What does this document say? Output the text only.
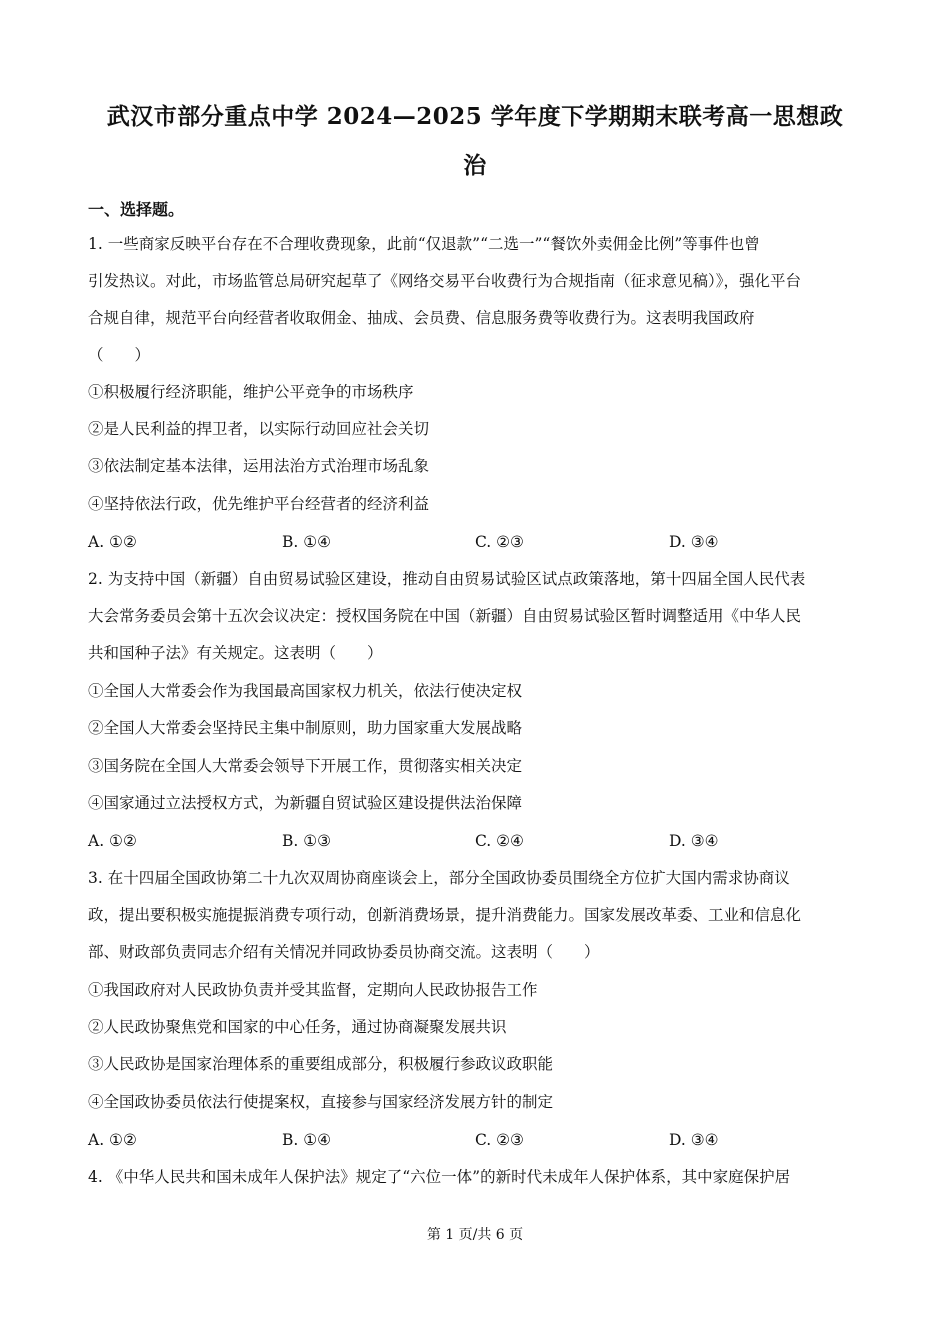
武汉市部分重点中学 2024—2025 学年度下学期期末联考高一思想政
治
一、选择题。
1. 一些商家反映平台存在不合理收费现象，此前“仅退款”“二选一”“餐饮外卖佣金比例”等事件也曾
引发热议。对此，市场监管总局研究起草了《网络交易平台收费行为合规指南（征求意见稿）》，强化平台
合规自律，规范平台向经营者收取佣金、抽成、会员费、信息服务费等收费行为。这表明我国政府
（　　）
①积极履行经济职能，维护公平竞争的市场秩序
②是人民利益的捍卫者，以实际行动回应社会关切
③依法制定基本法律，运用法治方式治理市场乱象
④坚持依法行政，优先维护平台经营者的经济利益
A. ①②	B. ①④	C. ②③	D. ③④
2. 为支持中国（新疆）自由贸易试验区建设，推动自由贸易试验区试点政策落地，第十四届全国人民代表
大会常务委员会第十五次会议决定：授权国务院在中国（新疆）自由贸易试验区暂时调整适用《中华人民
共和国种子法》有关规定。这表明（　　）
①全国人大常委会作为我国最高国家权力机关，依法行使决定权
②全国人大常委会坚持民主集中制原则，助力国家重大发展战略
③国务院在全国人大常委会领导下开展工作，贯彻落实相关决定
④国家通过立法授权方式，为新疆自贸试验区建设提供法治保障
A. ①②	B. ①③	C. ②④	D. ③④
3. 在十四届全国政协第二十九次双周协商座谈会上，部分全国政协委员围绕全方位扩大国内需求协商议
政，提出要积极实施提振消费专项行动，创新消费场景，提升消费能力。国家发展改革委、工业和信息化
部、财政部负责同志介绍有关情况并同政协委员协商交流。这表明（　　）
①我国政府对人民政协负责并受其监督，定期向人民政协报告工作
②人民政协聚焦党和国家的中心任务，通过协商凝聚发展共识
③人民政协是国家治理体系的重要组成部分，积极履行参政议政职能
④全国政协委员依法行使提案权，直接参与国家经济发展方针的制定
A. ①②	B. ①④	C. ②③	D. ③④
4. 《中华人民共和国未成年人保护法》规定了“六位一体”的新时代未成年人保护体系，其中家庭保护居
第 1 页/共 6 页
